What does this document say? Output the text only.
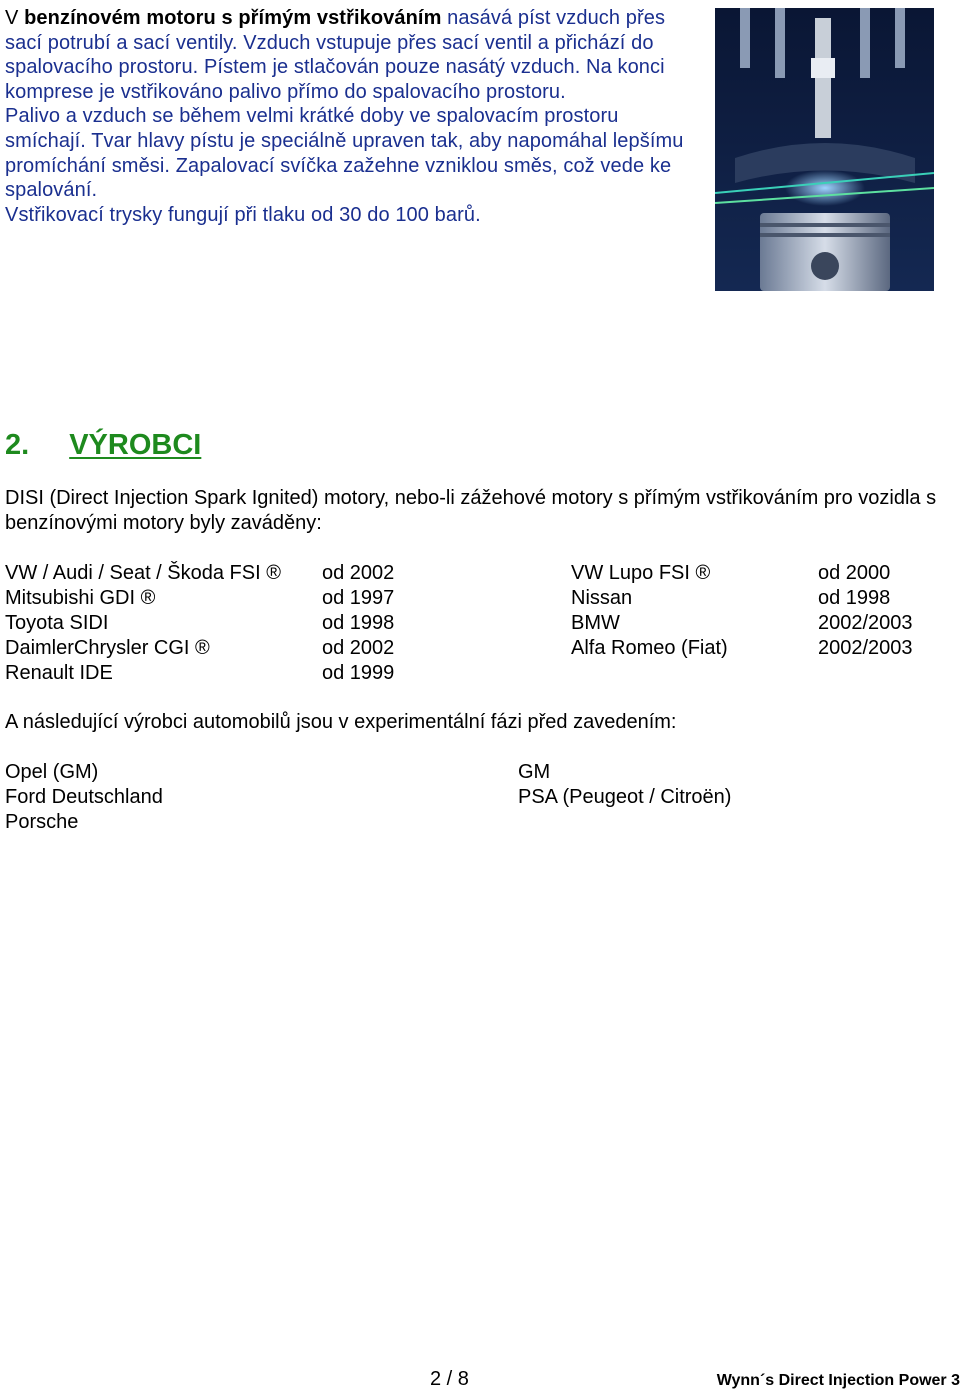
V benzínovém motoru s přímým vstřikováním nasává píst vzduch přes sací potrubí a sací ventily. Vzduch vstupuje přes sací ventil a přichází do spalovacího prostoru. Pístem je stlačován pouze nasátý vzduch. Na konci komprese je vstřikováno palivo přímo do spalovacího prostoru.

Palivo a vzduch se během velmi krátké doby ve spalovacím prostoru smíchají. Tvar hlavy pístu je speciálně upraven tak, aby napomáhal lepšímu promíchání směsi. Zapalovací svíčka zažehne vzniklou směs, což vede ke spalování.

Vstřikovací trysky fungují při tlaku od 30 do 100 barů.

2. VÝROBCI
DISI (Direct Injection Spark Ignited) motory, nebo-li zážehové motory s přímým vstřikováním pro vozidla s benzínovými motory byly zaváděny:
VW / Audi / Seat / Škoda FSI ® od 2002	VW Lupo FSI ®	od 2000
Mitsubishi GDI ®	od 1997	Nissan	od 1998
Toyota SIDI	od 1998	BMW	2002/2003
DaimlerChrysler CGI ®	od 2002	Alfa Romeo (Fiat)	2002/2003
Renault IDE	od 1999
A následující výrobci automobilů jsou v experimentální fázi před zavedením:
Opel (GM)	GM
Ford Deutschland	PSA (Peugeot / Citroën)
Porsche
2 / 8	Wynn´s Direct Injection Power 3
